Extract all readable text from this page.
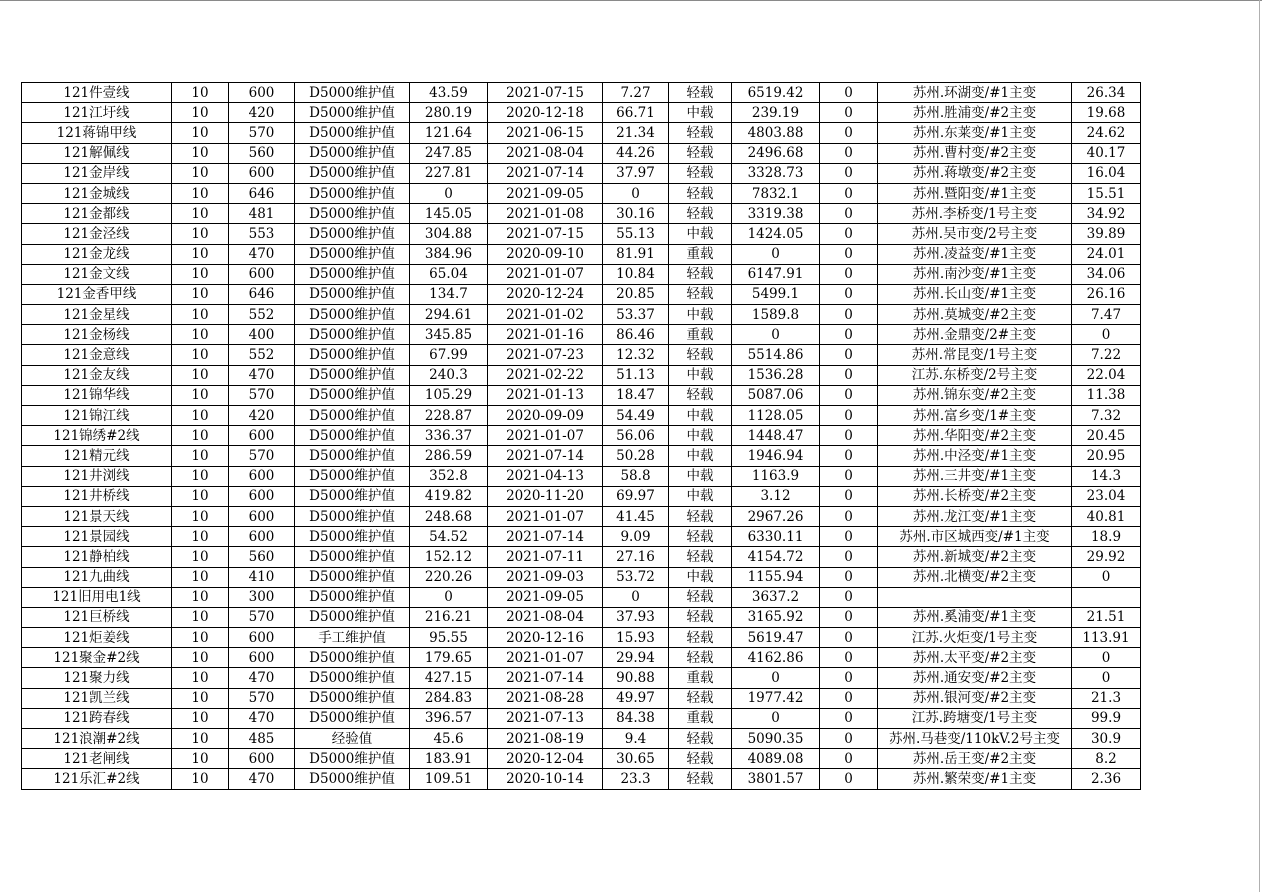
121件壹线	10	600	D5000维护值	43.59	2021-07-15	7.27	轻载	6519.42	0	苏州.环湖变/#1主变	26.34
121江圩线	10	420	D5000维护值	280.19	2020-12-18	66.71	中载	239.19	0	苏州.胜浦变/#2主变	19.68
121蒋锦甲线	10	570	D5000维护值	121.64	2021-06-15	21.34	轻载	4803.88	0	苏州.东莱变/#1主变	24.62
121解佩线	10	560	D5000维护值	247.85	2021-08-04	44.26	轻载	2496.68	0	苏州.曹村变/#2主变	40.17
121金岸线	10	600	D5000维护值	227.81	2021-07-14	37.97	轻载	3328.73	0	苏州.蒋墩变/#2主变	16.04
121金城线	10	646	D5000维护值	0	2021-09-05	0	轻载	7832.1	0	苏州.暨阳变/#1主变	15.51
121金都线	10	481	D5000维护值	145.05	2021-01-08	30.16	轻载	3319.38	0	苏州.李桥变/1号主变	34.92
121金泾线	10	553	D5000维护值	304.88	2021-07-15	55.13	中载	1424.05	0	苏州.吴市变/2号主变	39.89
121金龙线	10	470	D5000维护值	384.96	2020-09-10	81.91	重载	0	0	苏州.凌益变/#1主变	24.01
121金文线	10	600	D5000维护值	65.04	2021-01-07	10.84	轻载	6147.91	0	苏州.南沙变/#1主变	34.06
121金香甲线	10	646	D5000维护值	134.7	2020-12-24	20.85	轻载	5499.1	0	苏州.长山变/#1主变	26.16
121金星线	10	552	D5000维护值	294.61	2021-01-02	53.37	中载	1589.8	0	苏州.莫城变/#2主变	7.47
121金杨线	10	400	D5000维护值	345.85	2021-01-16	86.46	重载	0	0	苏州.金鼎变/2#主变	0
121金意线	10	552	D5000维护值	67.99	2021-07-23	12.32	轻载	5514.86	0	苏州.常昆变/1号主变	7.22
121金友线	10	470	D5000维护值	240.3	2021-02-22	51.13	中载	1536.28	0	江苏.东桥变/2号主变	22.04
121锦华线	10	570	D5000维护值	105.29	2021-01-13	18.47	轻载	5087.06	0	苏州.锦东变/#2主变	11.38
121锦江线	10	420	D5000维护值	228.87	2020-09-09	54.49	中载	1128.05	0	苏州.富乡变/1#主变	7.32
121锦绣#2线	10	600	D5000维护值	336.37	2021-01-07	56.06	中载	1448.47	0	苏州.华阳变/#2主变	20.45
121精元线	10	570	D5000维护值	286.59	2021-07-14	50.28	中载	1946.94	0	苏州.中泾变/#1主变	20.95
121井浏线	10	600	D5000维护值	352.8	2021-04-13	58.8	中载	1163.9	0	苏州.三井变/#1主变	14.3
121井桥线	10	600	D5000维护值	419.82	2020-11-20	69.97	中载	3.12	0	苏州.长桥变/#2主变	23.04
121景天线	10	600	D5000维护值	248.68	2021-01-07	41.45	轻载	2967.26	0	苏州.龙江变/#1主变	40.81
121景园线	10	600	D5000维护值	54.52	2021-07-14	9.09	轻载	6330.11	0	苏州.市区城西变/#1主变	18.9
121静柏线	10	560	D5000维护值	152.12	2021-07-11	27.16	轻载	4154.72	0	苏州.新城变/#2主变	29.92
121九曲线	10	410	D5000维护值	220.26	2021-09-03	53.72	中载	1155.94	0	苏州.北横变/#2主变	0
121旧用电1线	10	300	D5000维护值	0	2021-09-05	0	轻载	3637.2	0		
121巨桥线	10	570	D5000维护值	216.21	2021-08-04	37.93	轻载	3165.92	0	苏州.奚浦变/#1主变	21.51
121炬姜线	10	600	手工维护值	95.55	2020-12-16	15.93	轻载	5619.47	0	江苏.火炬变/1号主变	113.91
121聚金#2线	10	600	D5000维护值	179.65	2021-01-07	29.94	轻载	4162.86	0	苏州.太平变/#2主变	0
121聚力线	10	470	D5000维护值	427.15	2021-07-14	90.88	重载	0	0	苏州.通安变/#2主变	0
121凯兰线	10	570	D5000维护值	284.83	2021-08-28	49.97	轻载	1977.42	0	苏州.银河变/#2主变	21.3
121跨春线	10	470	D5000维护值	396.57	2021-07-13	84.38	重载	0	0	江苏.跨塘变/1号主变	99.9
121浪潮#2线	10	485	经验值	45.6	2021-08-19	9.4	轻载	5090.35	0	苏州.马巷变/110kV.2号主变	30.9
121老闸线	10	600	D5000维护值	183.91	2020-12-04	30.65	轻载	4089.08	0	苏州.岳王变/#2主变	8.2
121乐汇#2线	10	470	D5000维护值	109.51	2020-10-14	23.3	轻载	3801.57	0	苏州.繁荣变/#1主变	2.36
